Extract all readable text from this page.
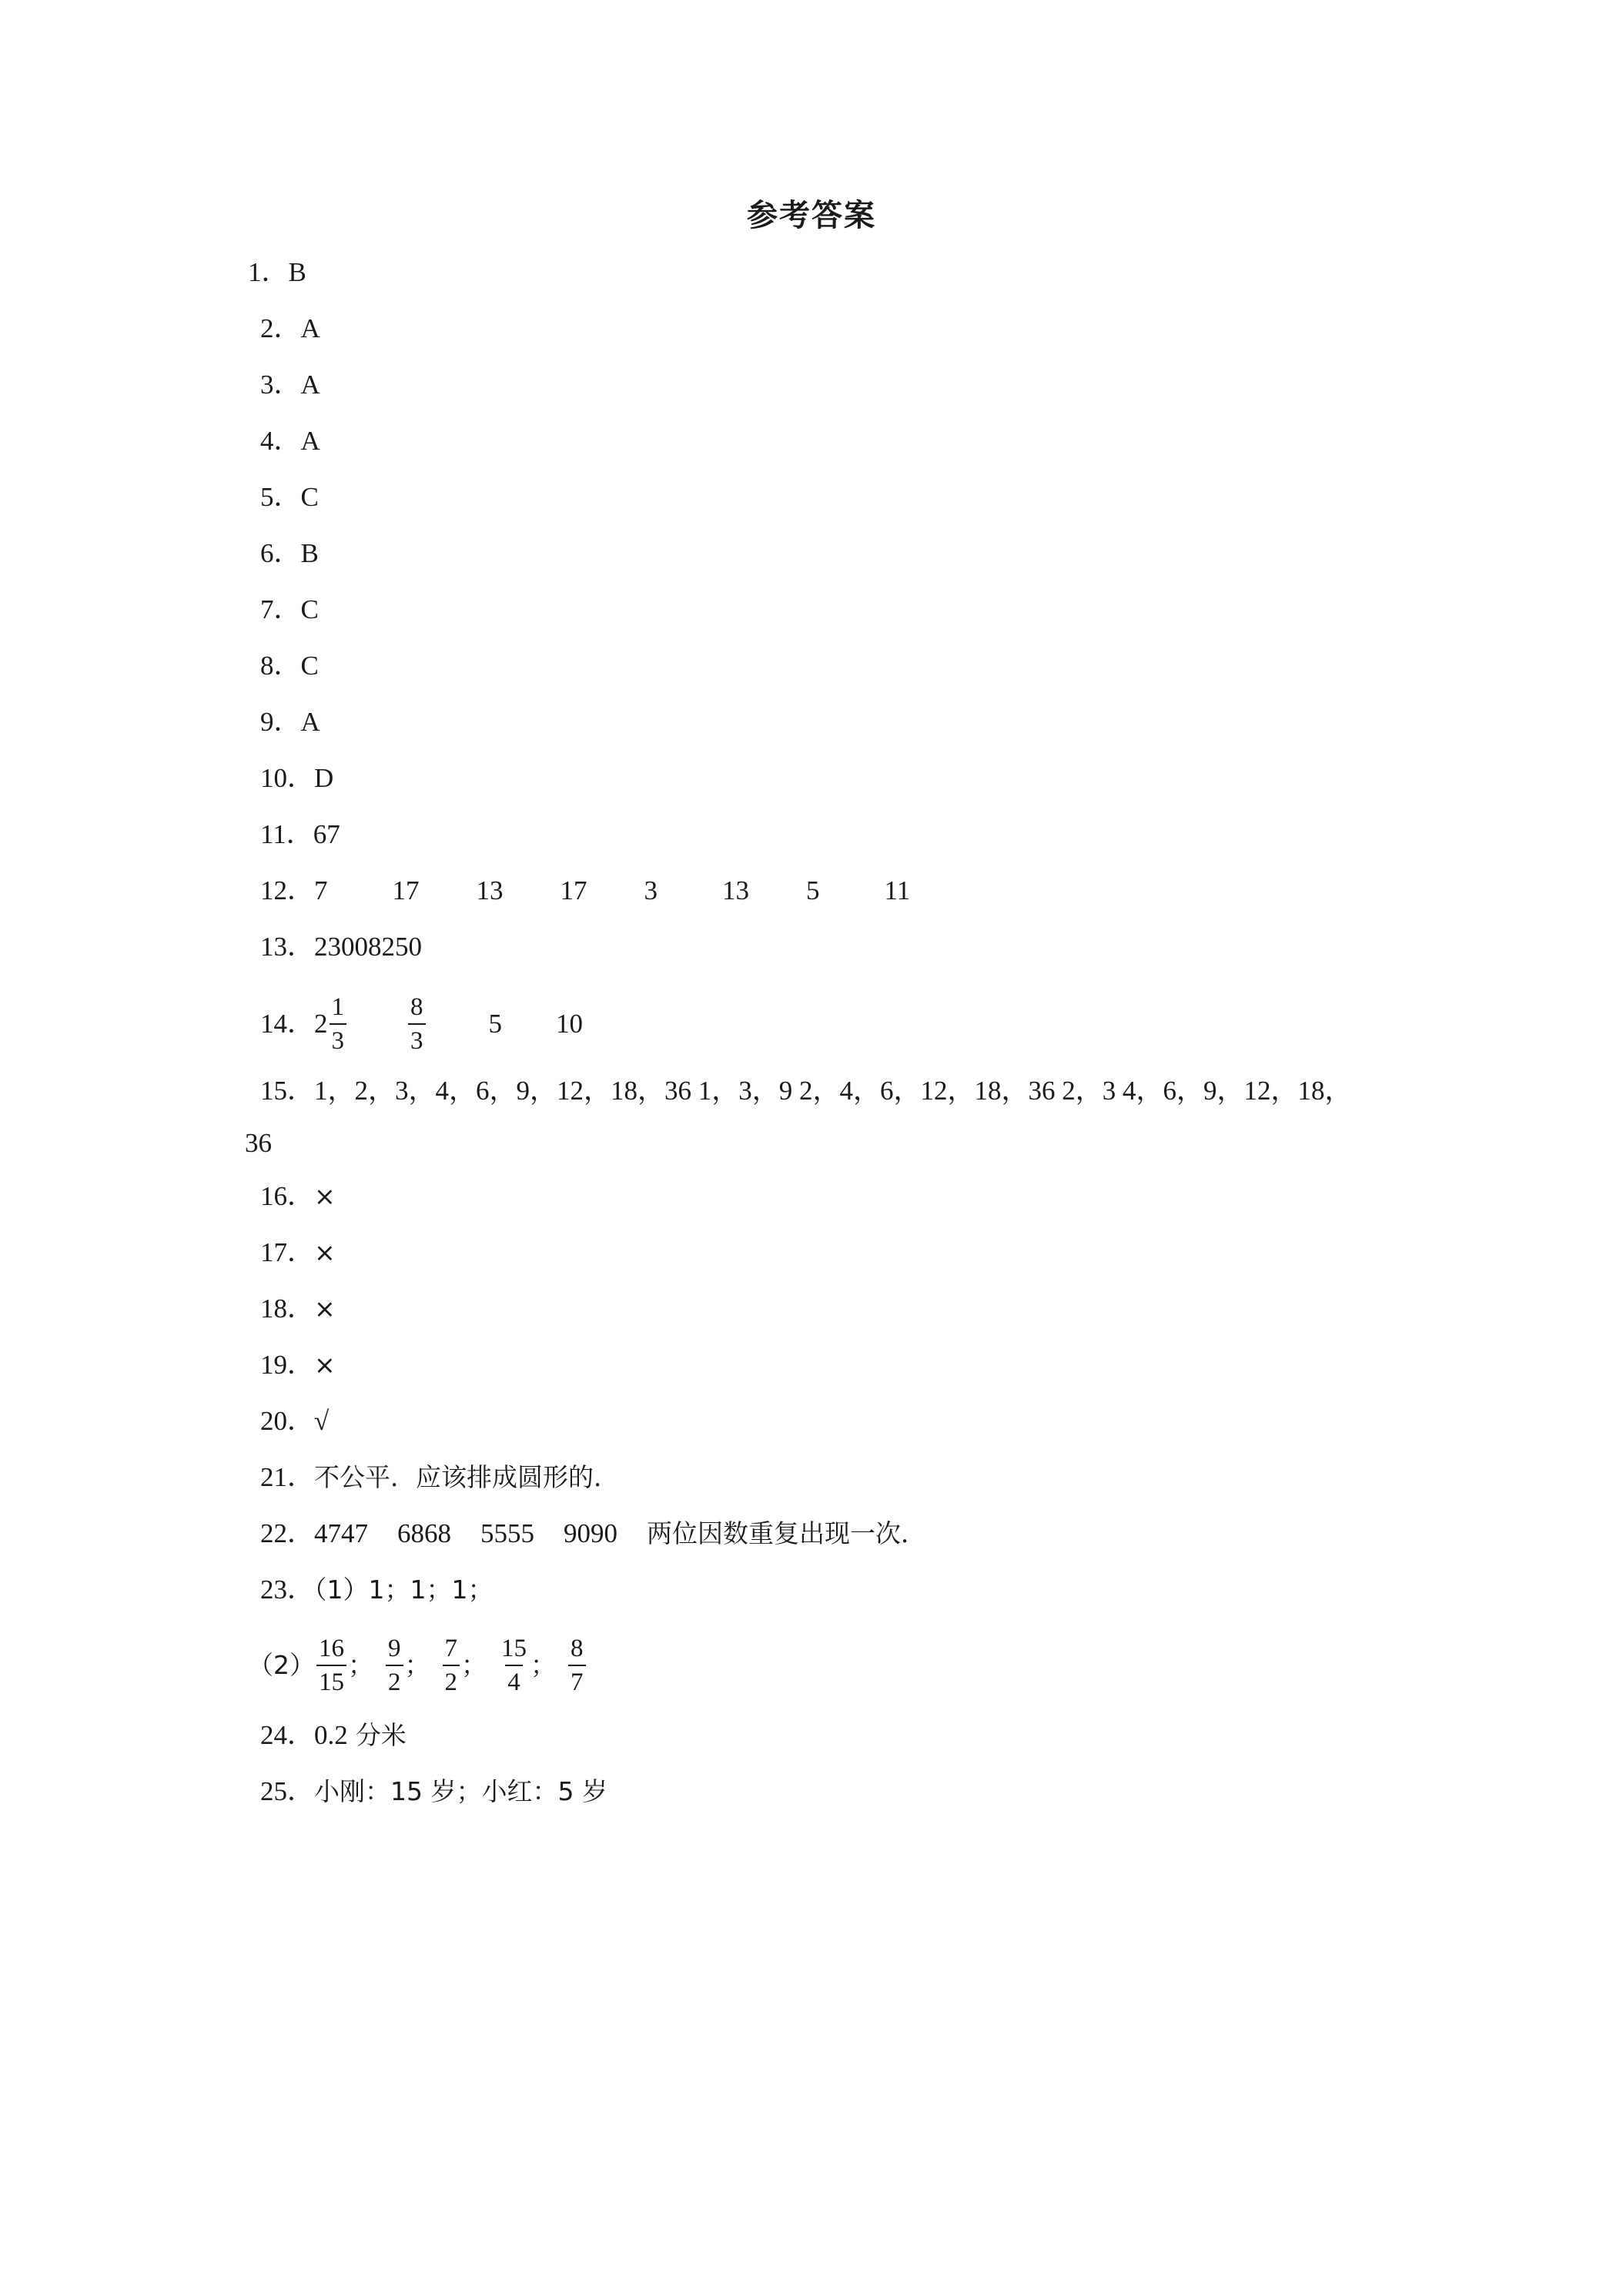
参考答案
1．B
2．A
3．A
4．A
5．C
6．B
7．C
8．C
9．A
10．D
11．67
12．7 17 13 17 3 13 5 11
13．23008250
14． $2 \frac{1}{3} \frac{8}{3} 5$ 10
15．1，2，3，4，6，9，12，18，36 1，3，9 2，4，6，12，18，36 2，3 4，6，9，12，18，
36
16．×
17．×
18．×
19．×
20．√
21．不公平．应该排成圆形的．
22．4747 6868 5555 9090 两位因数重复出现一次．
23．（1）1；1；1；
$(2) \frac{16}{15}$ ； $\frac{9}{2}$ ； $\frac{7}{2}$ ； $\frac{15}{4}$ ； $\frac{8}{7}$
24．0.2 分米
25．小刚：15 岁；小红：5 岁
